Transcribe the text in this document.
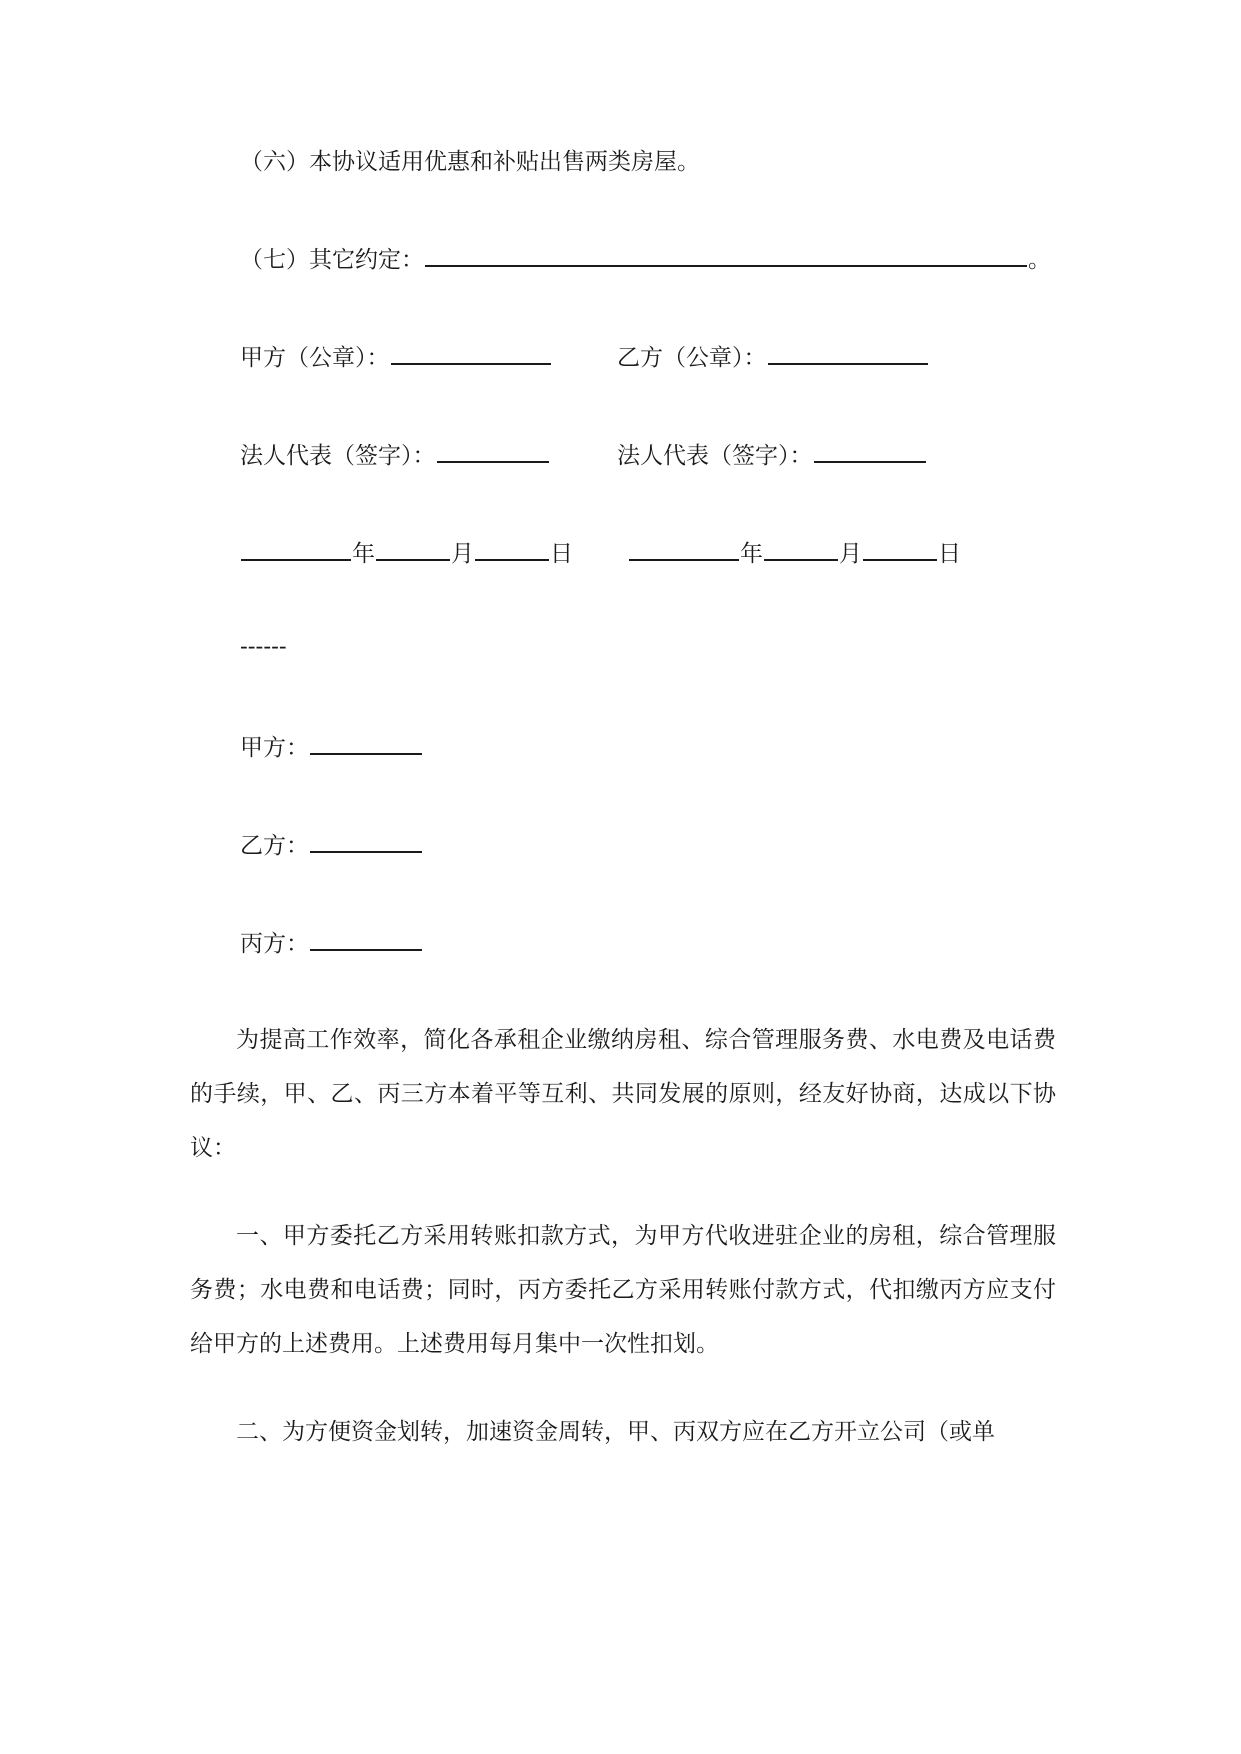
（六）本协议适用优惠和补贴出售两类房屋。
（七）其它约定：	。
甲方（公章）：	乙方（公章）：
法人代表（签字）：	法人代表（签字）：
年	月	日	年	月	日
------
甲方：
乙方：
丙方：
为提高工作效率，简化各承租企业缴纳房租、综合管理服务费、水电费及电话费的手续，甲、乙、丙三方本着平等互利、共同发展的原则，经友好协商，达成以下协议：
一、甲方委托乙方采用转账扣款方式，为甲方代收进驻企业的房租，综合管理服务费；水电费和电话费；同时，丙方委托乙方采用转账付款方式，代扣缴丙方应支付给甲方的上述费用。上述费用每月集中一次性扣划。
二、为方便资金划转，加速资金周转，甲、丙双方应在乙方开立公司（或单
